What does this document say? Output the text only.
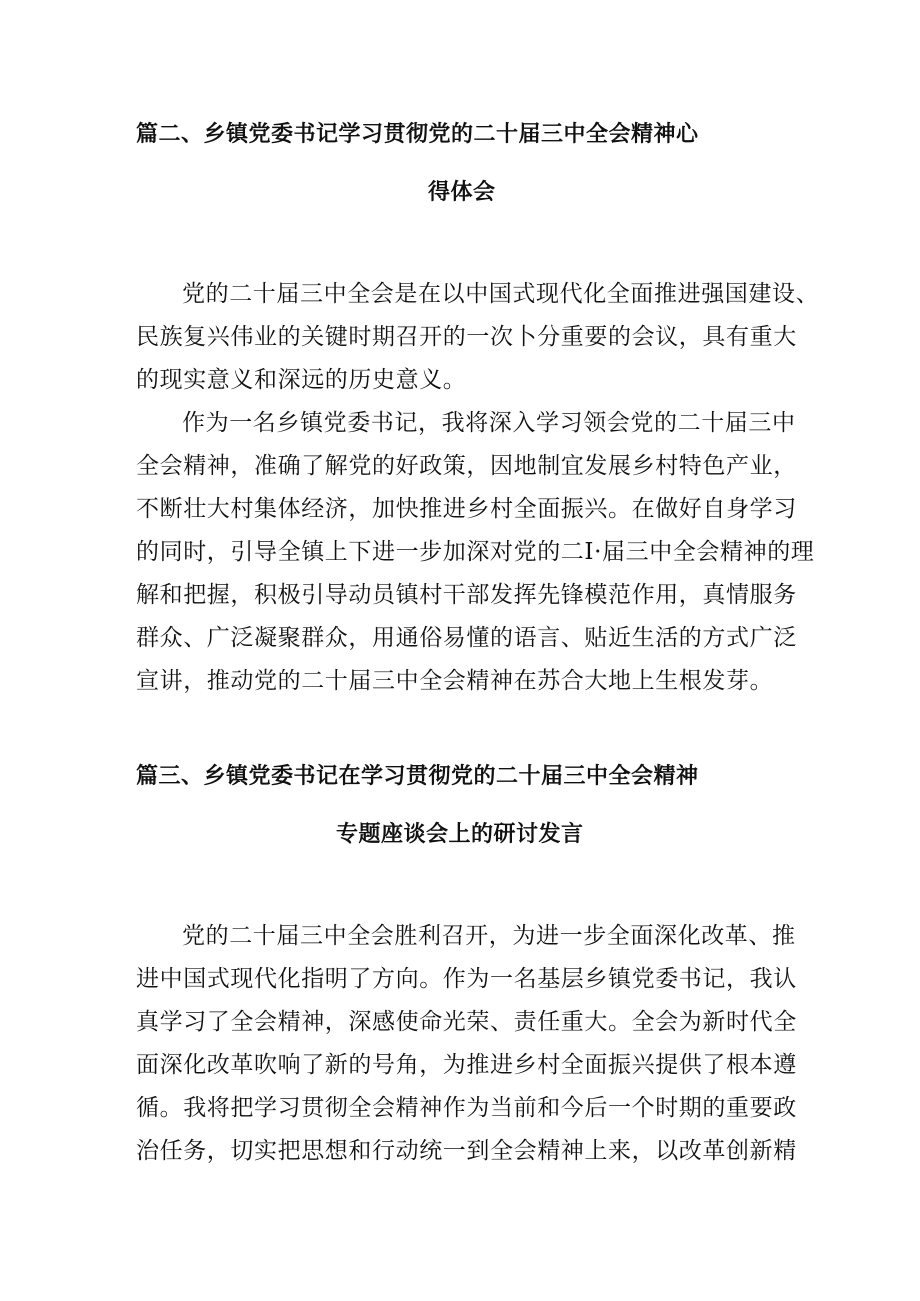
篇二、乡镇党委书记学习贯彻党的二十届三中全会精神心
得体会
党的二十届三中全会是在以中国式现代化全面推进强国建设、
民族复兴伟业的关键时期召开的一次卜分重要的会议，具有重大
的现实意义和深远的历史意义。
作为一名乡镇党委书记，我将深入学习领会党的二十届三中
全会精神，准确了解党的好政策，因地制宜发展乡村特色产业，
不断壮大村集体经济，加快推进乡村全面振兴。在做好自身学习
的同时，引导全镇上下进一步加深对党的二Ι·届三中全会精神的理
解和把握，积极引导动员镇村干部发挥先锋模范作用，真情服务
群众、广泛凝聚群众，用通俗易懂的语言、贴近生活的方式广泛
宣讲，推动党的二十届三中全会精神在苏合大地上生根发芽。
篇三、乡镇党委书记在学习贯彻党的二十届三中全会精神
专题座谈会上的研讨发言
党的二十届三中全会胜利召开，为进一步全面深化改革、推
进中国式现代化指明了方向。作为一名基层乡镇党委书记，我认
真学习了全会精神，深感使命光荣、责任重大。全会为新时代全
面深化改革吹响了新的号角，为推进乡村全面振兴提供了根本遵
循。我将把学习贯彻全会精神作为当前和今后一个时期的重要政
治任务，切实把思想和行动统一到全会精神上来，以改革创新精
